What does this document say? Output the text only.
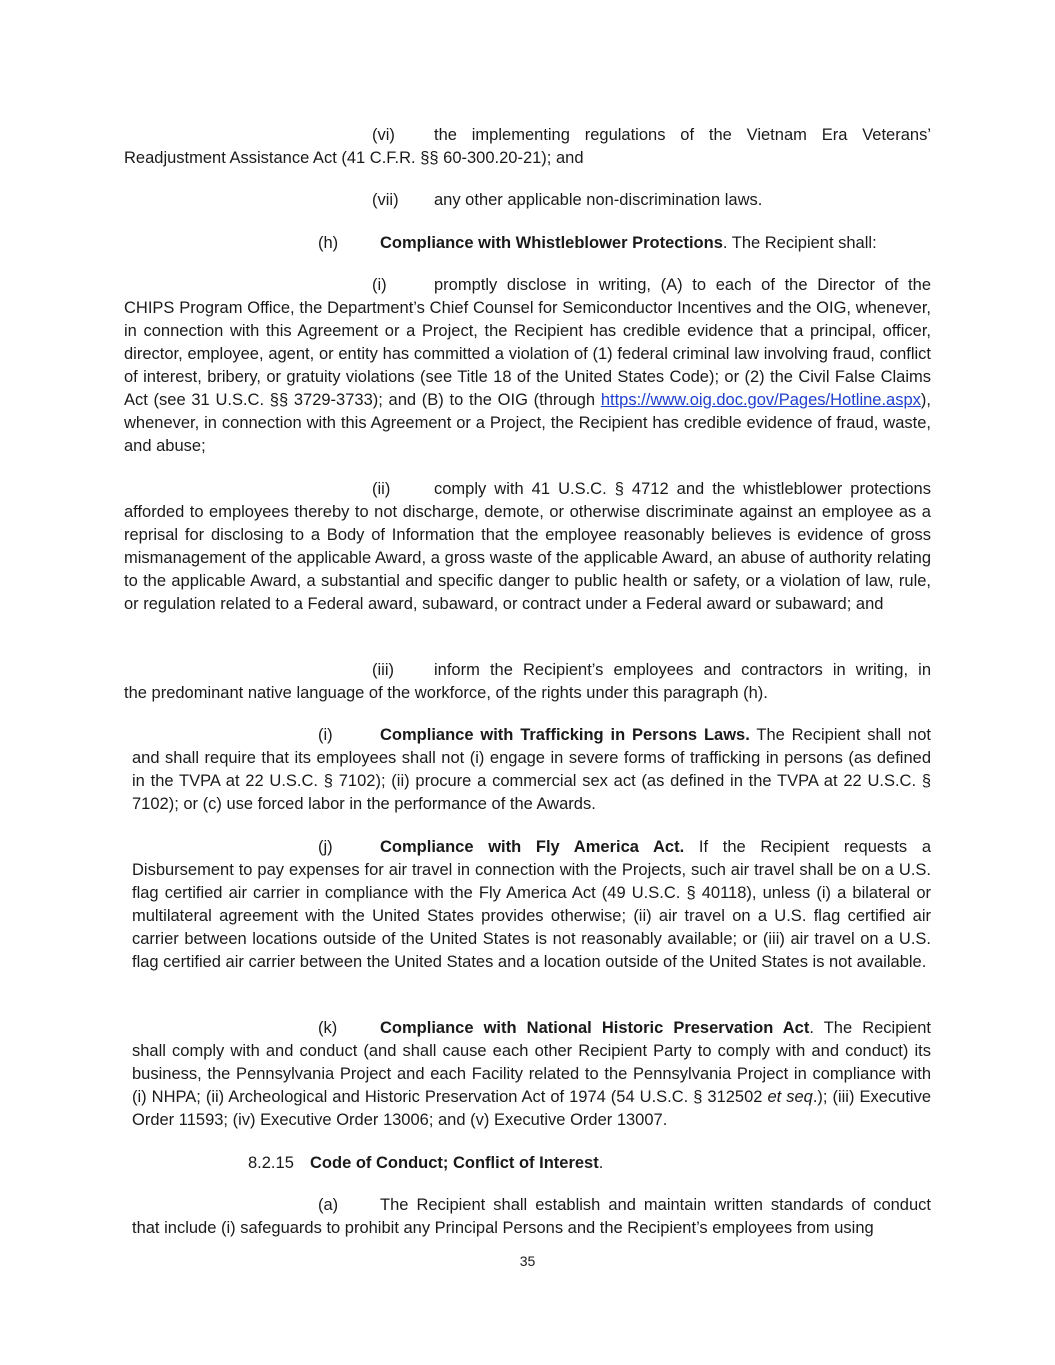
(vi) the implementing regulations of the Vietnam Era Veterans’
Readjustment Assistance Act (41 C.F.R. §§ 60-300.20-21); and
(vii) any other applicable non-discrimination laws.
(h)	Compliance with Whistleblower Protections. The Recipient shall:
(i)	promptly disclose in writing, (A) to each of the Director of the
CHIPS Program Office, the Department’s Chief Counsel for Semiconductor Incentives and the OIG, whenever, in connection with this Agreement or a Project, the Recipient has credible evidence that a principal, officer, director, employee, agent, or entity has committed a violation of (1) federal criminal law involving fraud, conflict of interest, bribery, or gratuity violations (see Title 18 of the United States Code); or (2) the Civil False Claims Act (see 31 U.S.C. §§ 3729-3733); and (B) to the OIG (through https://www.oig.doc.gov/Pages/Hotline.aspx), whenever, in connection with this Agreement or a Project, the Recipient has credible evidence of fraud, waste, and abuse;
(ii)	comply with 41 U.S.C. § 4712 and the whistleblower protections
afforded to employees thereby to not discharge, demote, or otherwise discriminate against an employee as a reprisal for disclosing to a Body of Information that the employee reasonably believes is evidence of gross mismanagement of the applicable Award, a gross waste of the applicable Award, an abuse of authority relating to the applicable Award, a substantial and specific danger to public health or safety, or a violation of law, rule, or regulation related to a Federal award, subaward, or contract under a Federal award or subaward; and
(iii) inform the Recipient’s employees and contractors in writing, in
the predominant native language of the workforce, of the rights under this paragraph (h).
(i)	Compliance with Trafficking in Persons Laws. The Recipient shall not
and shall require that its employees shall not (i) engage in severe forms of trafficking in persons (as defined in the TVPA at 22 U.S.C. § 7102); (ii) procure a commercial sex act (as defined in the TVPA at 22 U.S.C. § 7102); or (c) use forced labor in the performance of the Awards.
(j)	Compliance with Fly America Act. If the Recipient requests a
Disbursement to pay expenses for air travel in connection with the Projects, such air travel shall be on a U.S. flag certified air carrier in compliance with the Fly America Act (49 U.S.C. § 40118), unless (i) a bilateral or multilateral agreement with the United States provides otherwise; (ii) air travel on a U.S. flag certified air carrier between locations outside of the United States is not reasonably available; or (iii) air travel on a U.S. flag certified air carrier between the United States and a location outside of the United States is not available.
(k)	Compliance with National Historic Preservation Act. The Recipient
shall comply with and conduct (and shall cause each other Recipient Party to comply with and conduct) its business, the Pennsylvania Project and each Facility related to the Pennsylvania Project in compliance with (i) NHPA; (ii) Archeological and Historic Preservation Act of 1974 (54 U.S.C. § 312502 et seq.); (iii) Executive Order 11593; (iv) Executive Order 13006; and (v) Executive Order 13007.
8.2.15 Code of Conduct; Conflict of Interest.
(a)	The Recipient shall establish and maintain written standards of conduct
that include (i) safeguards to prohibit any Principal Persons and the Recipient’s employees from using
35
